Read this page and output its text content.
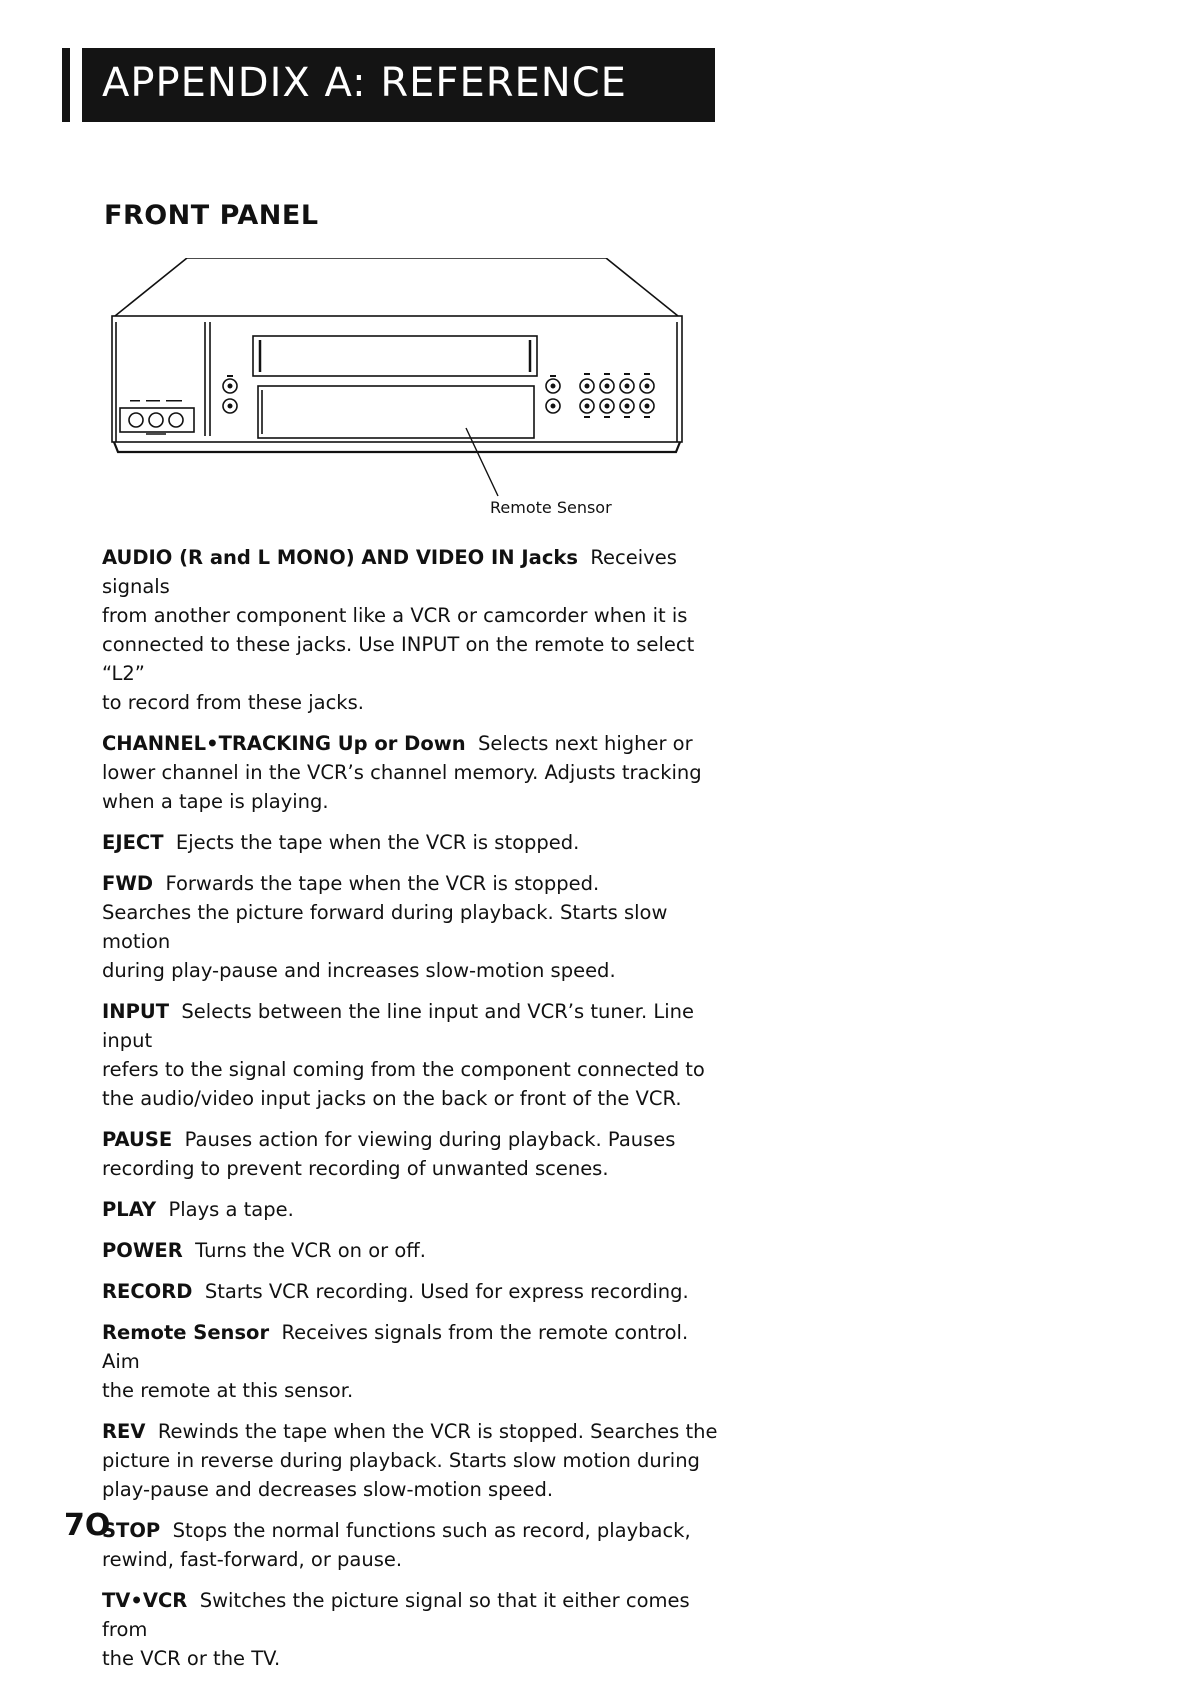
APPENDIX A: REFERENCE
FRONT PANEL
Remote Sensor
AUDIO (R and L MONO) AND VIDEO IN Jacks Receives signals
from another component like a VCR or camcorder when it is
connected to these jacks. Use INPUT on the remote to select “L2”
to record from these jacks.
CHANNEL•TRACKING Up or Down Selects next higher or
lower channel in the VCR’s channel memory. Adjusts tracking
when a tape is playing.
EJECT Ejects the tape when the VCR is stopped.
FWD Forwards the tape when the VCR is stopped.
Searches the picture forward during playback. Starts slow motion
during play-pause and increases slow-motion speed.
INPUT Selects between the line input and VCR’s tuner. Line input
refers to the signal coming from the component connected to
the audio/video input jacks on the back or front of the VCR.
PAUSE Pauses action for viewing during playback. Pauses
recording to prevent recording of unwanted scenes.
PLAY Plays a tape.
POWER Turns the VCR on or off.
RECORD Starts VCR recording. Used for express recording.
Remote Sensor Receives signals from the remote control. Aim
the remote at this sensor.
REV Rewinds the tape when the VCR is stopped. Searches the
picture in reverse during playback. Starts slow motion during
play-pause and decreases slow-motion speed.
STOP Stops the normal functions such as record, playback,
rewind, fast-forward, or pause.
TV•VCR Switches the picture signal so that it either comes from
the VCR or the TV.
7O
